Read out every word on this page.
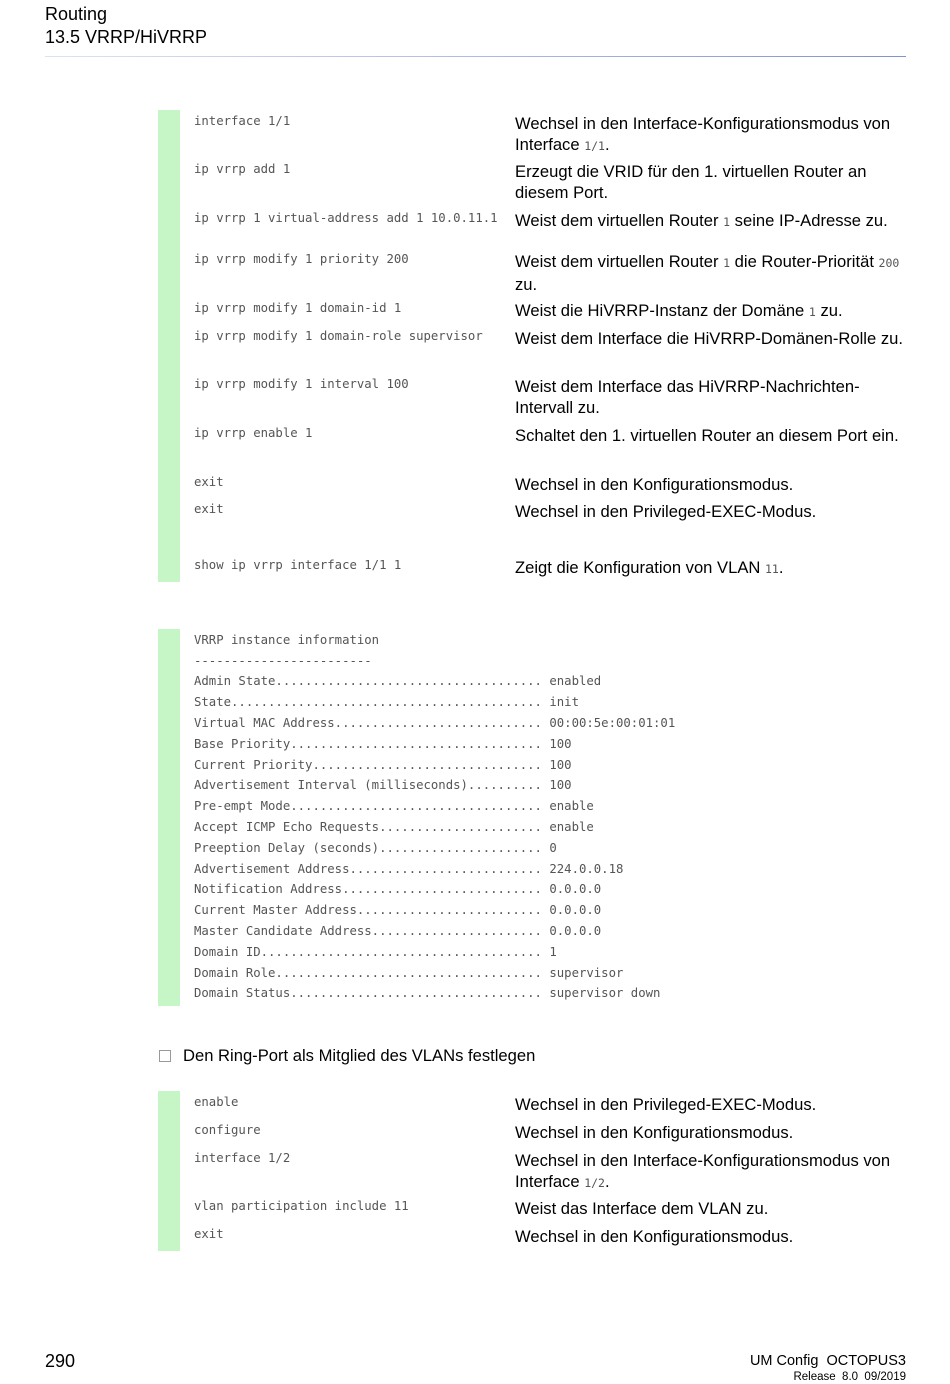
Routing
13.5 VRRP/HiVRRP
interface 1/1	Wechsel in den Interface-Konfigurationsmodus von Interface 1/1.
ip vrrp add 1	Erzeugt die VRID für den 1. virtuellen Router an diesem Port.
ip vrrp 1 virtual-address add 1 10.0.11.1	Weist dem virtuellen Router 1 seine IP-Adresse zu.
ip vrrp modify 1 priority 200	Weist dem virtuellen Router 1 die Router-Priorität 200 zu.
ip vrrp modify 1 domain-id 1	Weist die HiVRRP-Instanz der Domäne 1 zu.
ip vrrp modify 1 domain-role supervisor	Weist dem Interface die HiVRRP-Domänen-Rolle zu.
ip vrrp modify 1 interval 100	Weist dem Interface das HiVRRP-Nachrichten-Intervall zu.
ip vrrp enable 1	Schaltet den 1. virtuellen Router an diesem Port ein.
exit	Wechsel in den Konfigurationsmodus.
exit	Wechsel in den Privileged-EXEC-Modus.
show ip vrrp interface 1/1 1	Zeigt die Konfiguration von VLAN 11.
VRRP instance information
------------------------
Admin State.................................... enabled
State.......................................... init
Virtual MAC Address............................ 00:00:5e:00:01:01
Base Priority.................................. 100
Current Priority............................... 100
Advertisement Interval (milliseconds).......... 100
Pre-empt Mode.................................. enable
Accept ICMP Echo Requests...................... enable
Preeption Delay (seconds)...................... 0
Advertisement Address.......................... 224.0.0.18
Notification Address........................... 0.0.0.0
Current Master Address......................... 0.0.0.0
Master Candidate Address....................... 0.0.0.0
Domain ID...................................... 1
Domain Role.................................... supervisor
Domain Status.................................. supervisor down
Den Ring-Port als Mitglied des VLANs festlegen
enable	Wechsel in den Privileged-EXEC-Modus.
configure	Wechsel in den Konfigurationsmodus.
interface 1/2	Wechsel in den Interface-Konfigurationsmodus von Interface 1/2.
vlan participation include 11	Weist das Interface dem VLAN zu.
exit	Wechsel in den Konfigurationsmodus.
290	UM Config  OCTOPUS3
Release  8.0  09/2019
